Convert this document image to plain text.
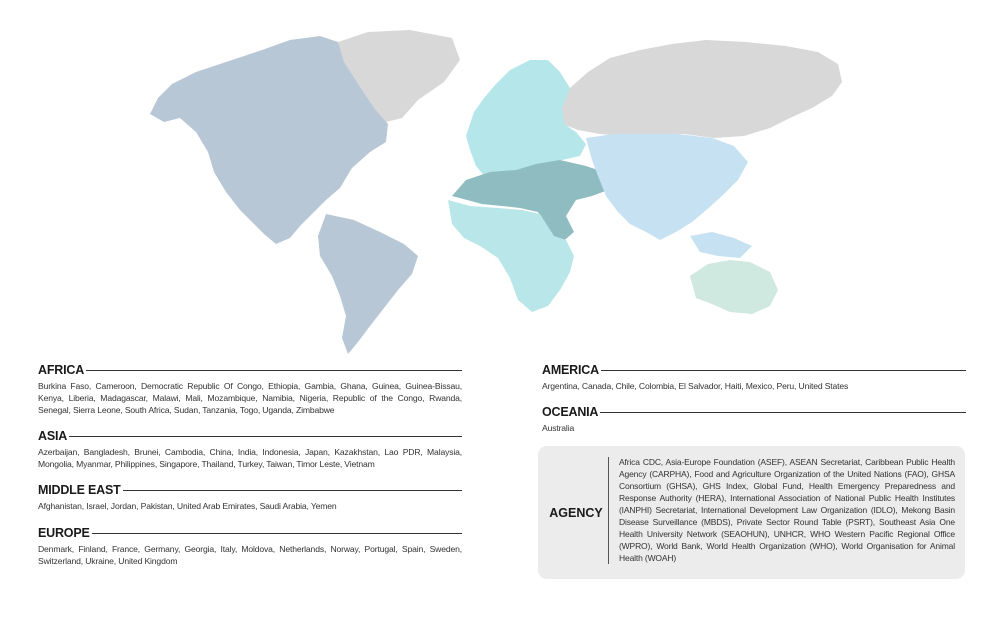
AFRICA
Burkina Faso, Cameroon, Democratic Republic Of Congo, Ethiopia, Gambia, Ghana, Guinea, Guinea-Bissau, Kenya, Liberia, Madagascar, Malawi, Mali, Mozambique, Namibia, Nigeria, Republic of the Congo, Rwanda, Senegal, Sierra Leone, South Africa, Sudan, Tanzania, Togo, Uganda, Zimbabwe
ASIA
Azerbaijan, Bangladesh, Brunei, Cambodia, China, India, Indonesia, Japan, Kazakhstan, Lao PDR, Malaysia, Mongolia, Myanmar, Philippines, Singapore, Thailand, Turkey, Taiwan, Timor Leste, Vietnam
MIDDLE EAST
Afghanistan, Israel, Jordan, Pakistan, United Arab Emirates, Saudi Arabia, Yemen
EUROPE
Denmark, Finland, France, Germany, Georgia, Italy, Moldova, Netherlands, Norway, Portugal, Spain, Sweden, Switzerland, Ukraine, United Kingdom
AMERICA
Argentina, Canada, Chile, Colombia, El Salvador, Haiti, Mexico, Peru, United States
OCEANIA
Australia
AGENCY
Africa CDC, Asia-Europe Foundation (ASEF), ASEAN Secretariat, Caribbean Public Health Agency (CARPHA), Food and Agriculture Organization of the United Nations (FAO), GHSA Consortium (GHSA), GHS Index, Global Fund, Health Emergency Preparedness and Response Authority (HERA), International Association of National Public Health Institutes (IANPHI) Secretariat, International Development Law Organization (IDLO), Mekong Basin Disease Surveillance (MBDS), Private Sector Round Table (PSRT), Southeast Asia One Health University Network (SEAOHUN), UNHCR, WHO Western Pacific Regional Office (WPRO), World Bank, World Health Organization (WHO), World Organisation for Animal Health (WOAH)
